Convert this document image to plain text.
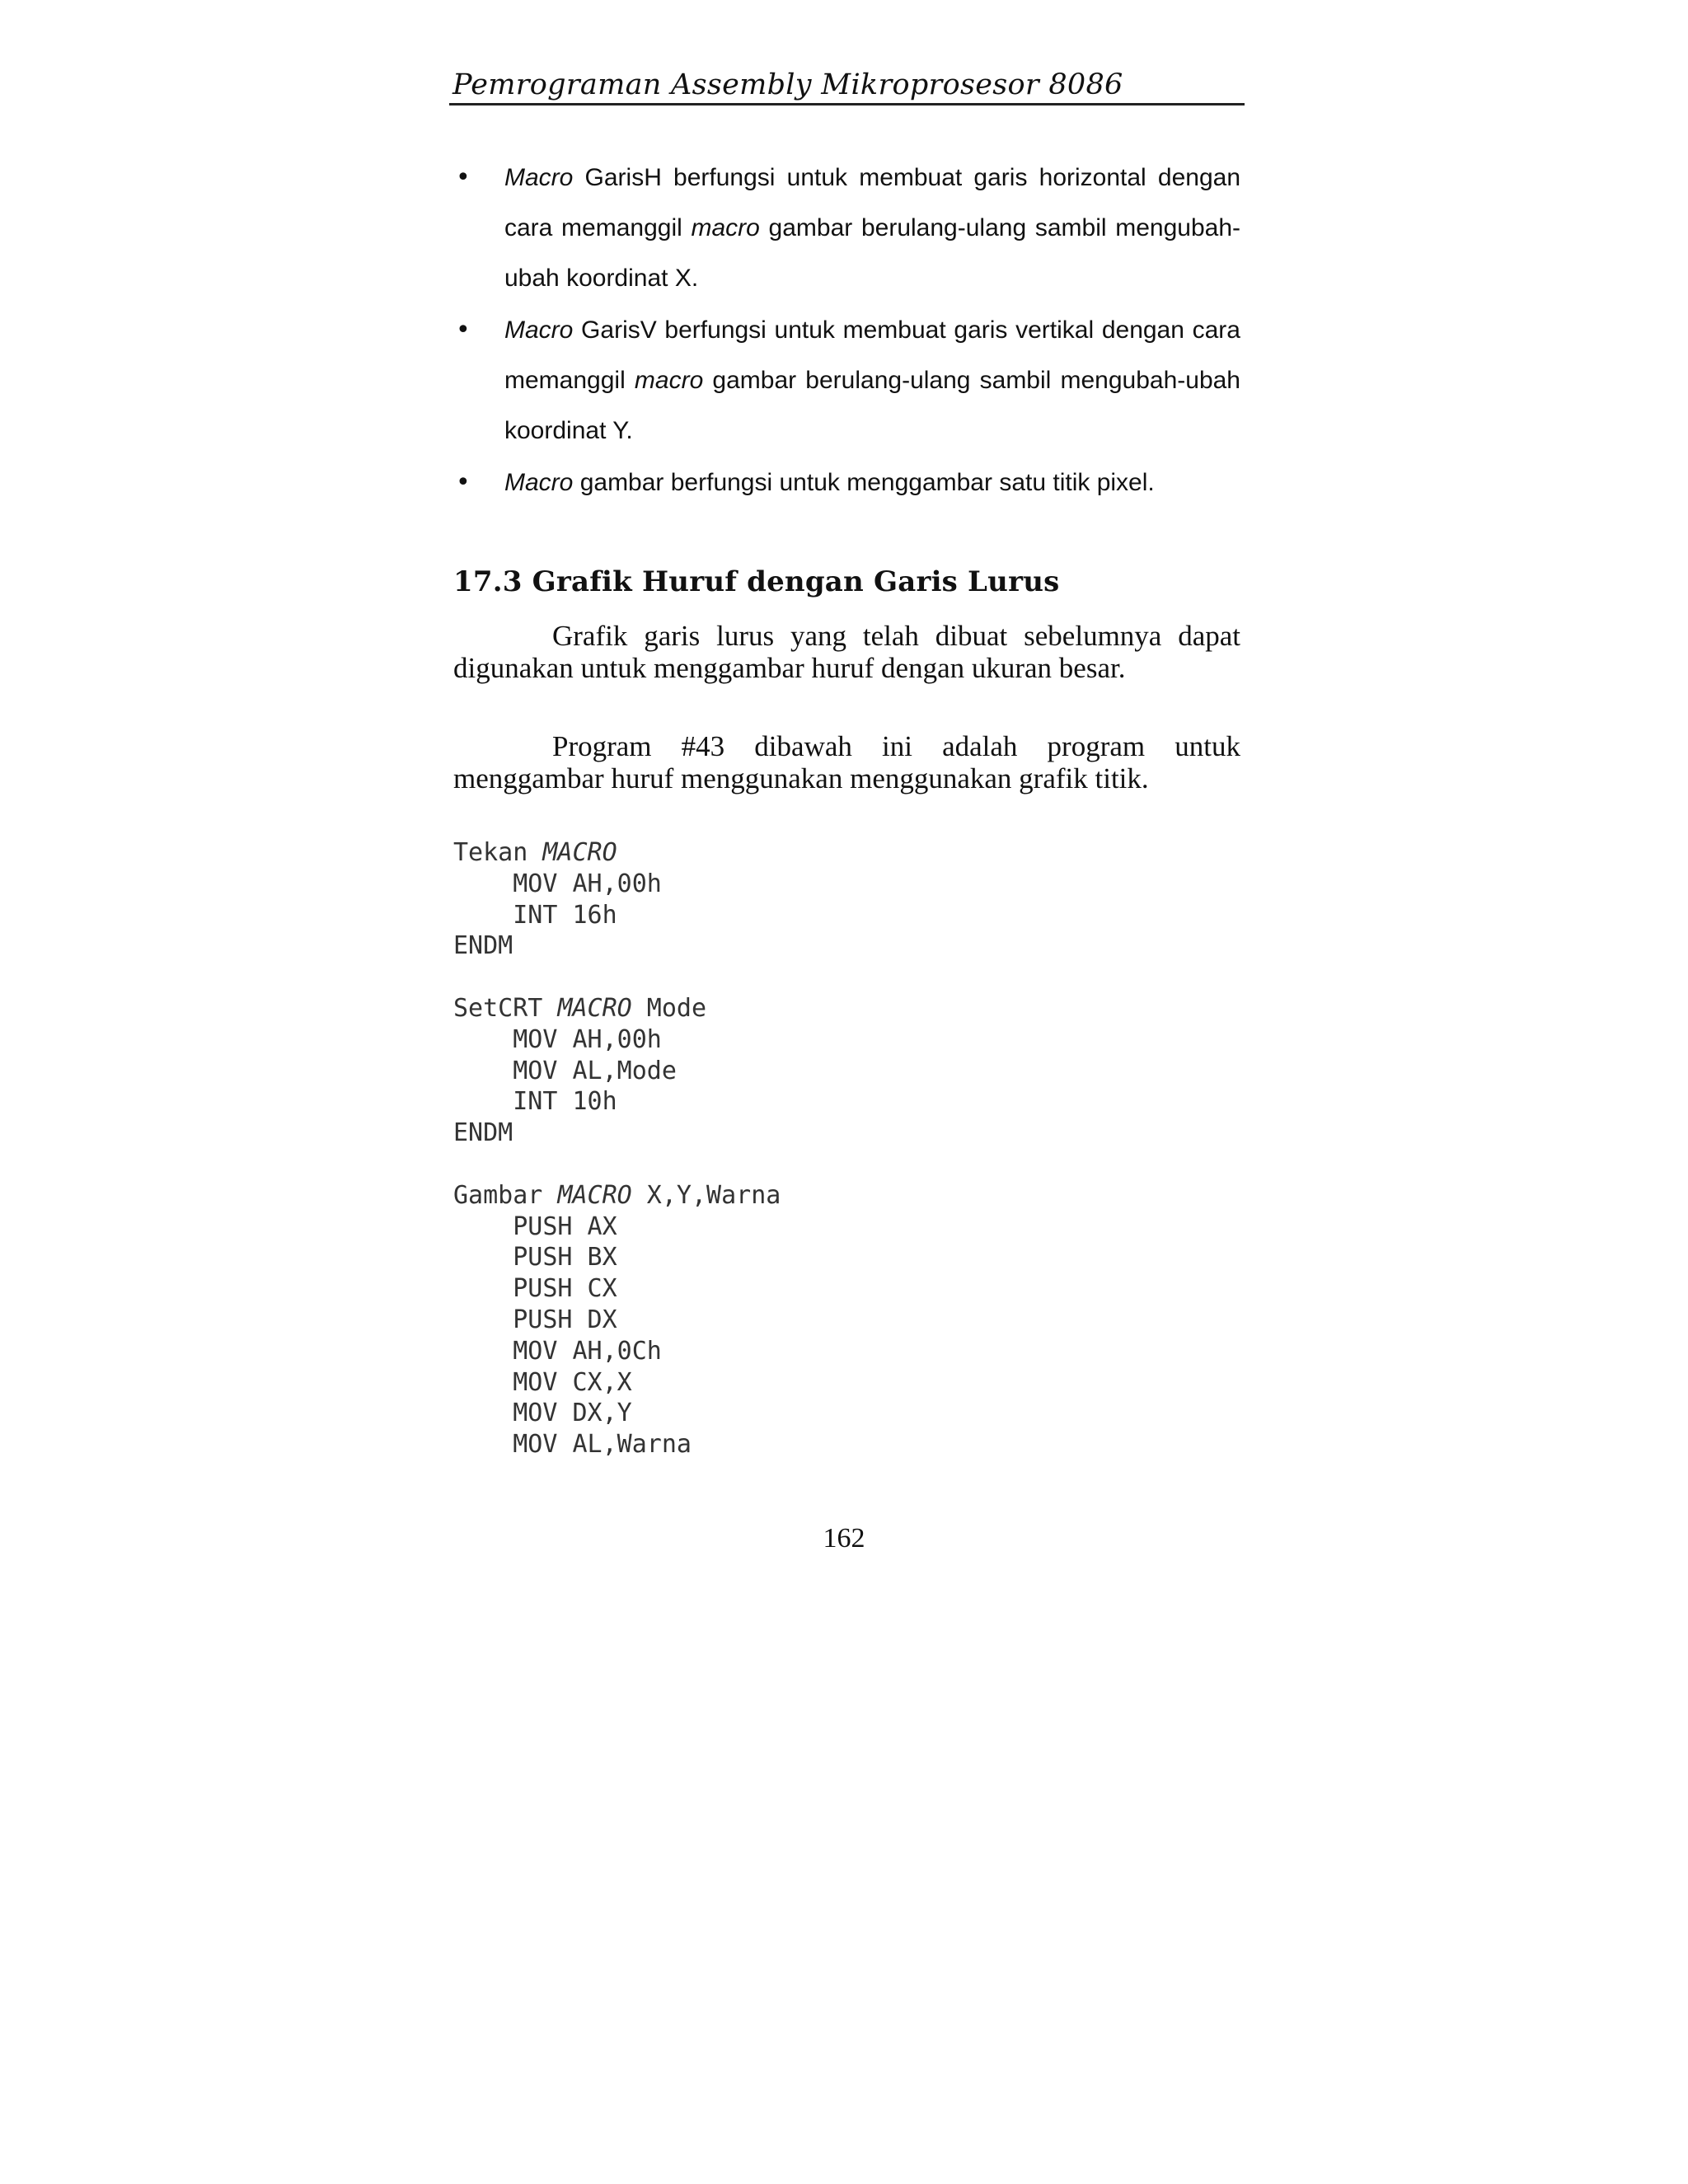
Pemrograman Assembly Mikroprosesor 8086
• Macro GarisH berfungsi untuk membuat garis horizontal dengan cara memanggil macro gambar berulang-ulang sambil mengubah-ubah koordinat X.
• Macro GarisV berfungsi untuk membuat garis vertikal dengan cara memanggil macro gambar berulang-ulang sambil mengubah-ubah koordinat Y.
• Macro gambar berfungsi untuk menggambar satu titik pixel.
17.3 Grafik Huruf dengan Garis Lurus

Grafik garis lurus yang telah dibuat sebelumnya dapat digunakan untuk menggambar huruf dengan ukuran besar.

Program #43 dibawah ini adalah program untuk menggambar huruf menggunakan menggunakan grafik titik.

Tekan MACRO
MOV AH,00h
INT 16h
ENDM
SetCRT MACRO Mode
MOV AH,00h
MOV AL,Mode
INT 10h
ENDM
Gambar MACRO X,Y,Warna
PUSH AX
PUSH BX
PUSH CX
PUSH DX
MOV AH,0Ch
MOV CX,X
MOV DX,Y
MOV AL,Warna

162
